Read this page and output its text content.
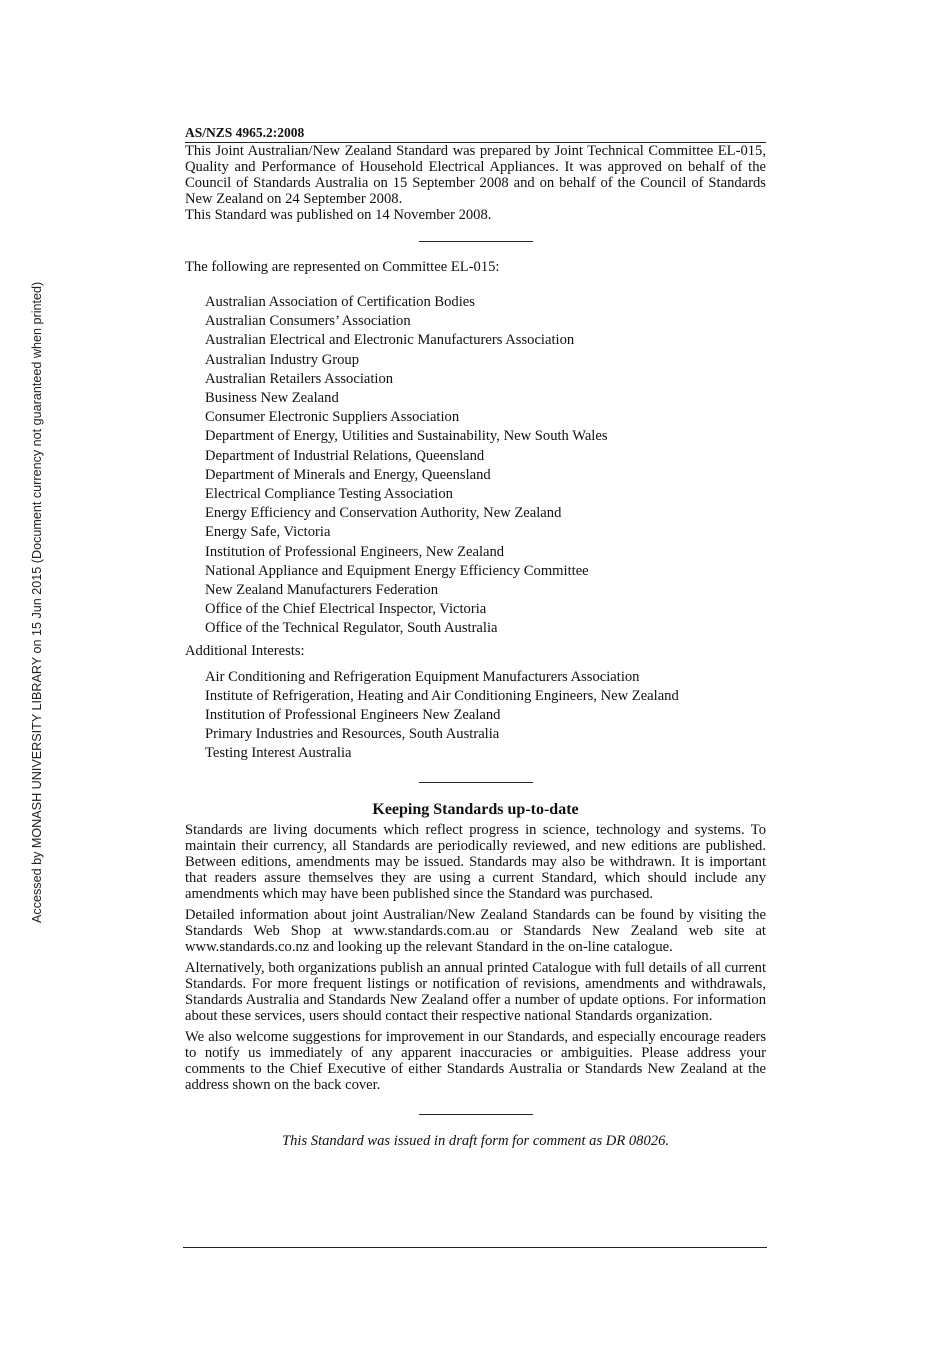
Accessed by MONASH UNIVERSITY LIBRARY on 15 Jun 2015 (Document currency not guaranteed when printed)
AS/NZS 4965.2:2008

This Joint Australian/New Zealand Standard was prepared by Joint Technical Committee EL-015, Quality and Performance of Household Electrical Appliances. It was approved on behalf of the Council of Standards Australia on 15 September 2008 and on behalf of the Council of Standards New Zealand on 24 September 2008.

This Standard was published on 14 November 2008.
The following are represented on Committee EL-015:
Australian Association of Certification Bodies
Australian Consumers’ Association
Australian Electrical and Electronic Manufacturers Association
Australian Industry Group
Australian Retailers Association
Business New Zealand
Consumer Electronic Suppliers Association
Department of Energy, Utilities and Sustainability, New South Wales
Department of Industrial Relations, Queensland
Department of Minerals and Energy, Queensland
Electrical Compliance Testing Association
Energy Efficiency and Conservation Authority, New Zealand
Energy Safe, Victoria
Institution of Professional Engineers, New Zealand
National Appliance and Equipment Energy Efficiency Committee
New Zealand Manufacturers Federation
Office of the Chief Electrical Inspector, Victoria
Office of the Technical Regulator, South Australia
Additional Interests:
Air Conditioning and Refrigeration Equipment Manufacturers Association
Institute of Refrigeration, Heating and Air Conditioning Engineers, New Zealand
Institution of Professional Engineers New Zealand
Primary Industries and Resources, South Australia
Testing Interest Australia
Keeping Standards up-to-date

Standards are living documents which reflect progress in science, technology and systems. To maintain their currency, all Standards are periodically reviewed, and new editions are published. Between editions, amendments may be issued. Standards may also be withdrawn. It is important that readers assure themselves they are using a current Standard, which should include any amendments which may have been published since the Standard was purchased.

Detailed information about joint Australian/New Zealand Standards can be found by visiting the Standards Web Shop at www.standards.com.au or Standards New Zealand web site at www.standards.co.nz and looking up the relevant Standard in the on-line catalogue.

Alternatively, both organizations publish an annual printed Catalogue with full details of all current Standards. For more frequent listings or notification of revisions, amendments and withdrawals, Standards Australia and Standards New Zealand offer a number of update options. For information about these services, users should contact their respective national Standards organization.

We also welcome suggestions for improvement in our Standards, and especially encourage readers to notify us immediately of any apparent inaccuracies or ambiguities. Please address your comments to the Chief Executive of either Standards Australia or Standards New Zealand at the address shown on the back cover.

This Standard was issued in draft form for comment as DR 08026.
